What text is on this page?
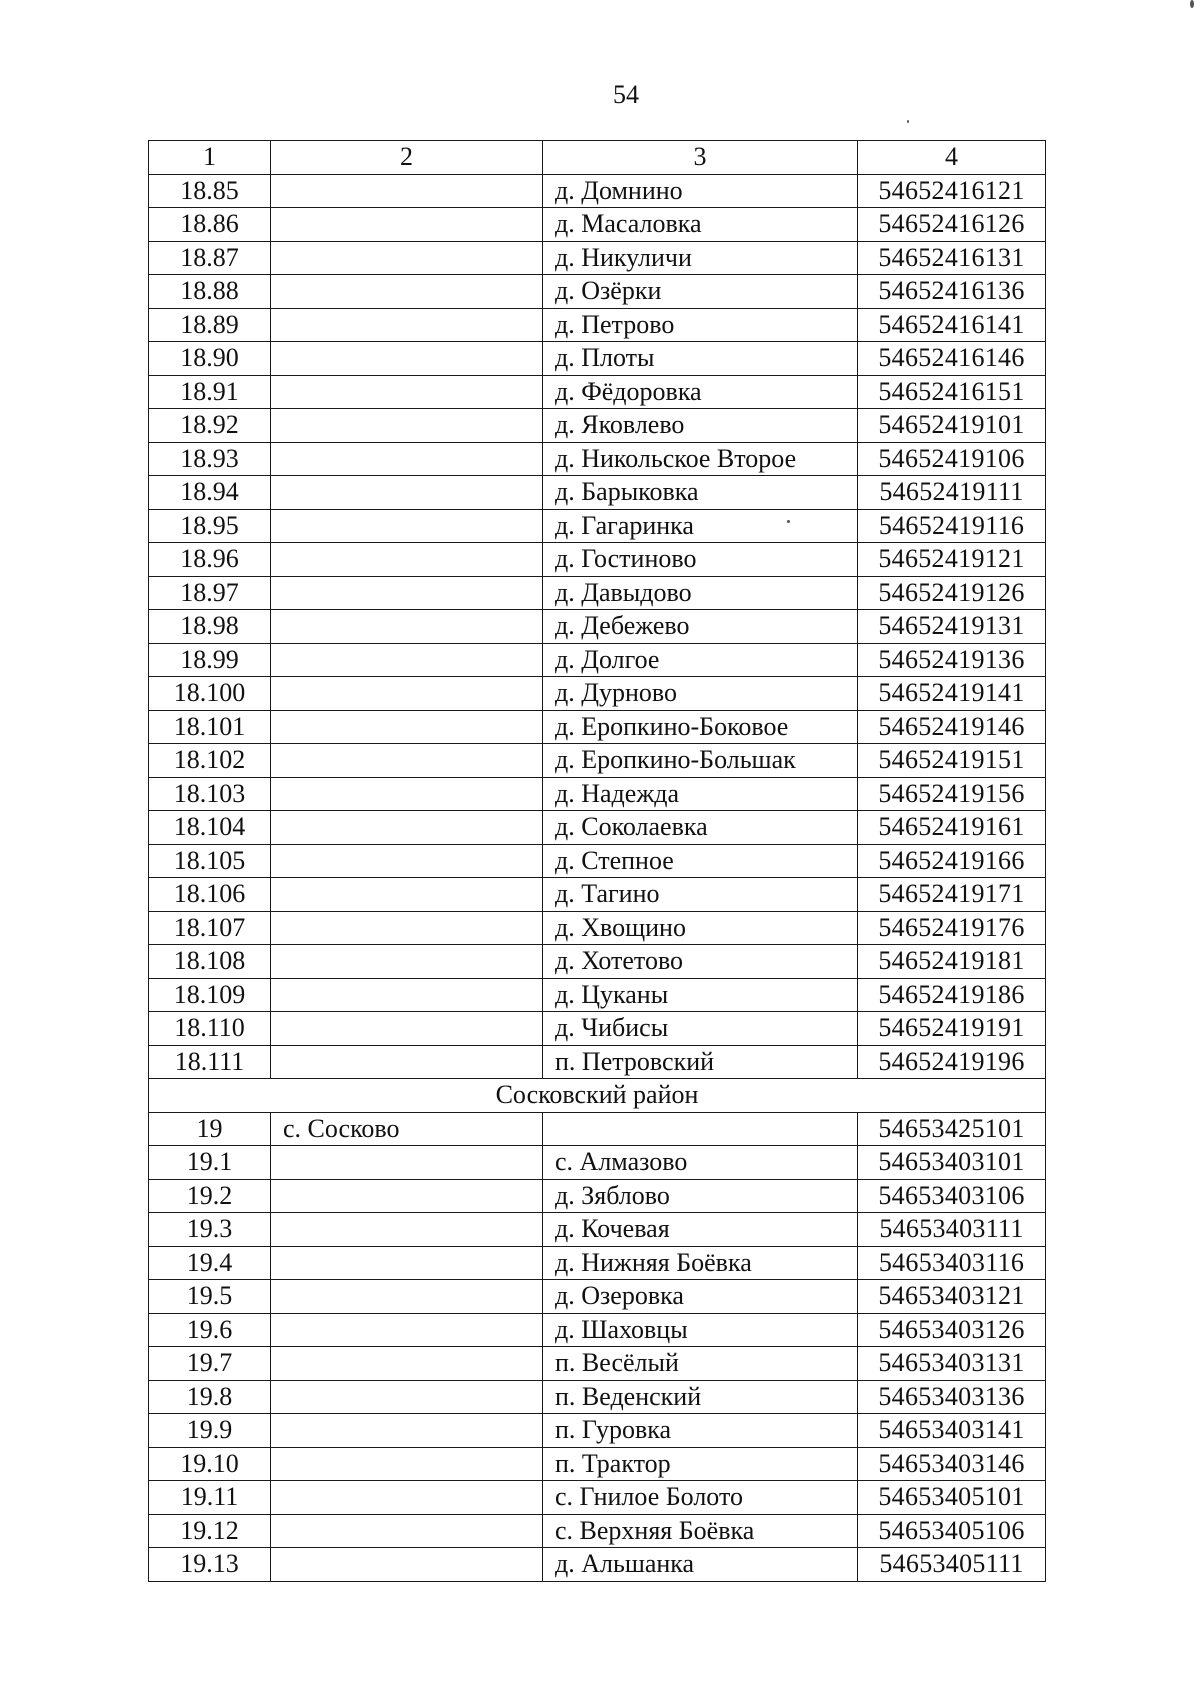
54
1	2	3	4
18.85		д. Домнино	54652416121
18.86		д. Масаловка	54652416126
18.87		д. Никуличи	54652416131
18.88		д. Озёрки	54652416136
18.89		д. Петрово	54652416141
18.90		д. Плоты	54652416146
18.91		д. Фёдоровка	54652416151
18.92		д. Яковлево	54652419101
18.93		д. Никольское Второе	54652419106
18.94		д. Барыковка	54652419111
18.95		д. Гагаринка	54652419116
18.96		д. Гостиново	54652419121
18.97		д. Давыдово	54652419126
18.98		д. Дебежево	54652419131
18.99		д. Долгое	54652419136
18.100		д. Дурново	54652419141
18.101		д. Еропкино-Боковое	54652419146
18.102		д. Еропкино-Большак	54652419151
18.103		д. Надежда	54652419156
18.104		д. Соколаевка	54652419161
18.105		д. Степное	54652419166
18.106		д. Тагино	54652419171
18.107		д. Хвощино	54652419176
18.108		д. Хотетово	54652419181
18.109		д. Цуканы	54652419186
18.110		д. Чибисы	54652419191
18.111		п. Петровский	54652419196
Сосковский район			
19	с. Сосково		54653425101
19.1		с. Алмазово	54653403101
19.2		д. Зяблово	54653403106
19.3		д. Кочевая	54653403111
19.4		д. Нижняя Боёвка	54653403116
19.5		д. Озеровка	54653403121
19.6		д. Шаховцы	54653403126
19.7		п. Весёлый	54653403131
19.8		п. Веденский	54653403136
19.9		п. Гуровка	54653403141
19.10		п. Трактор	54653403146
19.11		с. Гнилое Болото	54653405101
19.12		с. Верхняя Боёвка	54653405106
19.13		д. Альшанка	54653405111
